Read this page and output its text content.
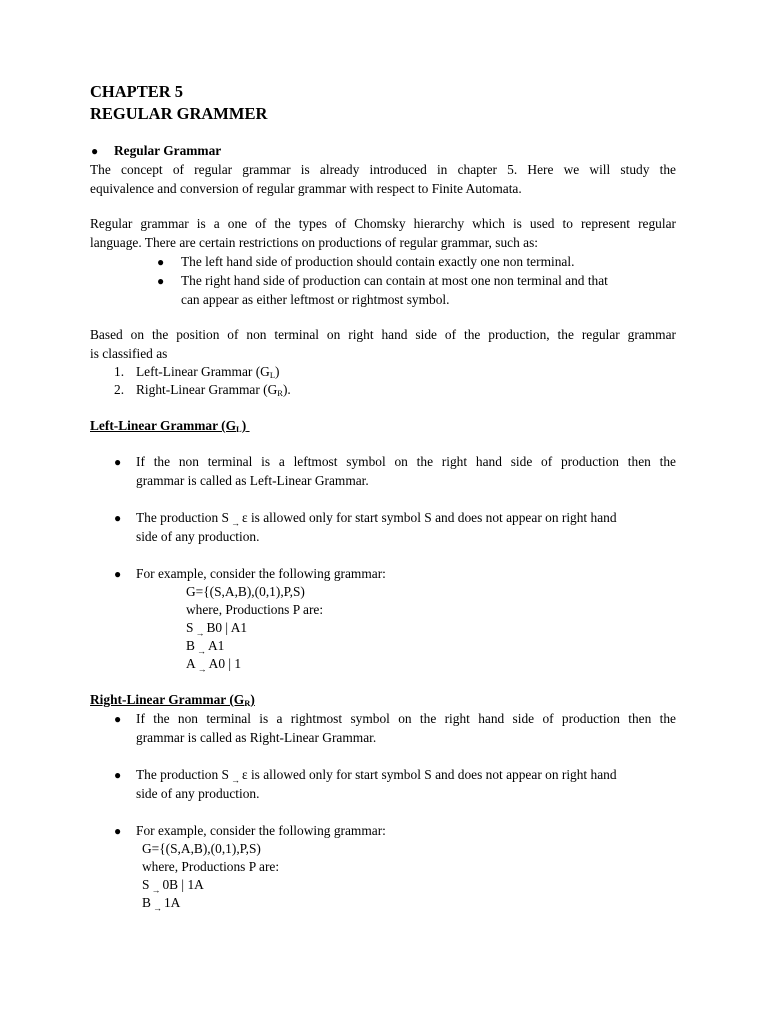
CHAPTER 5
REGULAR GRAMMER
● Regular Grammar
The concept of regular grammar is already introduced in chapter 5. Here we will study the
equivalence and conversion of regular grammar with respect to Finite Automata.
Regular grammar is a one of the types of Chomsky hierarchy which is used to represent regular
language. There are certain restrictions on productions of regular grammar, such as:
● The left hand side of production should contain exactly one non terminal.
● The right hand side of production can contain at most one non terminal and that
can appear as either leftmost or rightmost symbol.
Based on the position of non terminal on right hand side of the production, the regular grammar
is classified as
1. Left-Linear Grammar $(G_L)$
2. Right-Linear Grammar $(G_R)$.
Left-Linear Grammar $(G_L)$
● If the non terminal is a leftmost symbol on the right hand side of production then the
grammar is called as Left-Linear Grammar.
● The production S → ε is allowed only for start symbol S and does not appear on right hand
side of any production.
● For example, consider the following grammar:
G={(S,A,B),(0,1),P,S)
where, Productions P are:
S → B0 | A1
B → A1
A → A0 | 1
Right-Linear Grammar $(G_R)$
● If the non terminal is a rightmost symbol on the right hand side of production then the
grammar is called as Right-Linear Grammar.
● The production S → ε is allowed only for start symbol S and does not appear on right hand
side of any production.
● For example, consider the following grammar:
G={(S,A,B),(0,1),P,S)
where, Productions P are:
S → 0B | 1A
B → 1A
